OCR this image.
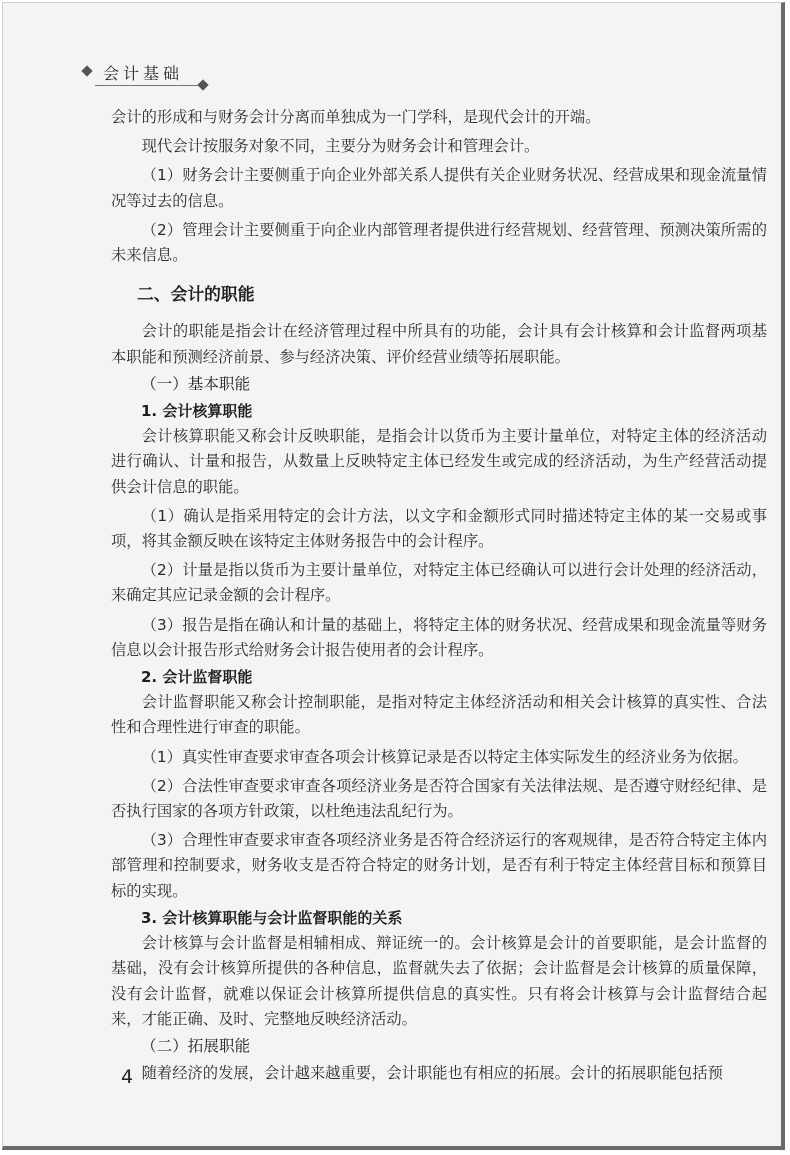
会计基础

会计的形成和与财务会计分离而单独成为一门学科，是现代会计的开端。

现代会计按服务对象不同，主要分为财务会计和管理会计。

（1）财务会计主要侧重于向企业外部关系人提供有关企业财务状况、经营成果和现金流量情况等过去的信息。

（2）管理会计主要侧重于向企业内部管理者提供进行经营规划、经营管理、预测决策所需的未来信息。

二、会计的职能

会计的职能是指会计在经济管理过程中所具有的功能，会计具有会计核算和会计监督两项基本职能和预测经济前景、参与经济决策、评价经营业绩等拓展职能。

（一）基本职能
1. 会计核算职能

会计核算职能又称会计反映职能，是指会计以货币为主要计量单位，对特定主体的经济活动进行确认、计量和报告，从数量上反映特定主体已经发生或完成的经济活动，为生产经营活动提供会计信息的职能。

（1）确认是指采用特定的会计方法，以文字和金额形式同时描述特定主体的某一交易或事项，将其金额反映在该特定主体财务报告中的会计程序。

（2）计量是指以货币为主要计量单位，对特定主体已经确认可以进行会计处理的经济活动，来确定其应记录金额的会计程序。

（3）报告是指在确认和计量的基础上，将特定主体的财务状况、经营成果和现金流量等财务信息以会计报告形式给财务会计报告使用者的会计程序。

2. 会计监督职能

会计监督职能又称会计控制职能，是指对特定主体经济活动和相关会计核算的真实性、合法性和合理性进行审查的职能。

（1）真实性审查要求审查各项会计核算记录是否以特定主体实际发生的经济业务为依据。

（2）合法性审查要求审查各项经济业务是否符合国家有关法律法规、是否遵守财经纪律、是否执行国家的各项方针政策，以杜绝违法乱纪行为。

（3）合理性审查要求审查各项经济业务是否符合经济运行的客观规律，是否符合特定主体内部管理和控制要求，财务收支是否符合特定的财务计划，是否有利于特定主体经营目标和预算目标的实现。

3. 会计核算职能与会计监督职能的关系

会计核算与会计监督是相辅相成、辩证统一的。会计核算是会计的首要职能，是会计监督的基础，没有会计核算所提供的各种信息，监督就失去了依据；会计监督是会计核算的质量保障，没有会计监督，就难以保证会计核算所提供信息的真实性。只有将会计核算与会计监督结合起来，才能正确、及时、完整地反映经济活动。

（二）拓展职能

随着经济的发展，会计越来越重要，会计职能也有相应的拓展。会计的拓展职能包括预

4
